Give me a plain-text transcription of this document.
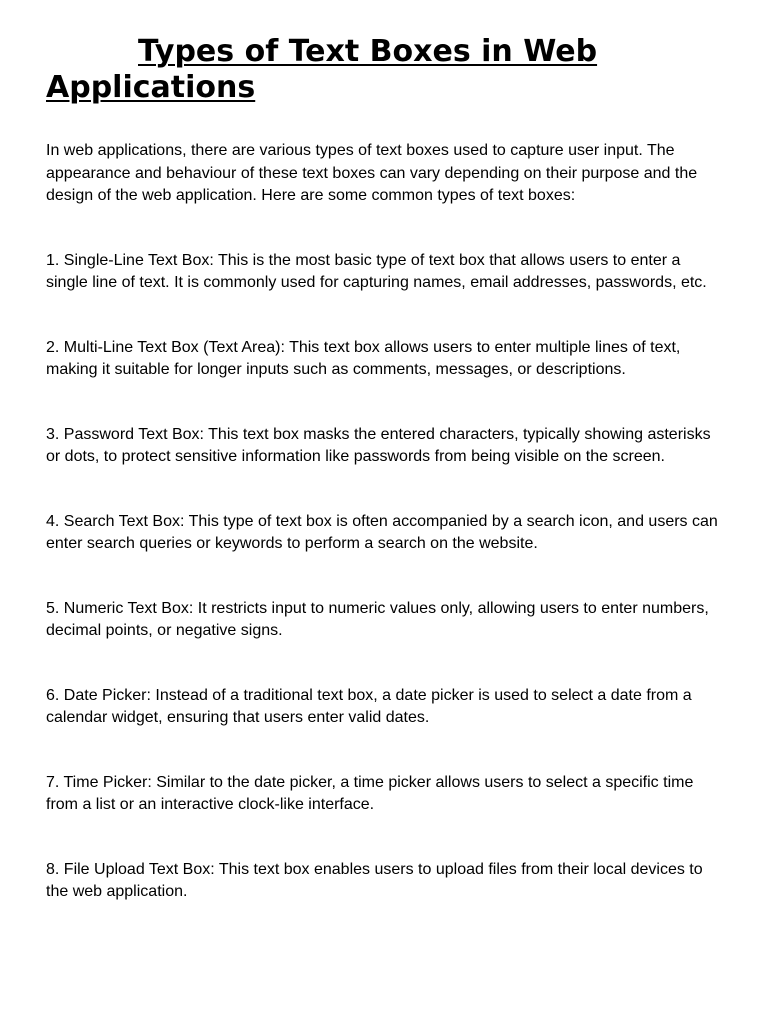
Types of Text Boxes in Web Applications

In web applications, there are various types of text boxes used to capture user input. The appearance and behaviour of these text boxes can vary depending on their purpose and the design of the web application. Here are some common types of text boxes:

1. Single-Line Text Box: This is the most basic type of text box that allows users to enter a single line of text. It is commonly used for capturing names, email addresses, passwords, etc.

2. Multi-Line Text Box (Text Area): This text box allows users to enter multiple lines of text, making it suitable for longer inputs such as comments, messages, or descriptions.

3. Password Text Box: This text box masks the entered characters, typically showing asterisks or dots, to protect sensitive information like passwords from being visible on the screen.

4. Search Text Box: This type of text box is often accompanied by a search icon, and users can enter search queries or keywords to perform a search on the website.

5. Numeric Text Box: It restricts input to numeric values only, allowing users to enter numbers, decimal points, or negative signs.

6. Date Picker: Instead of a traditional text box, a date picker is used to select a date from a calendar widget, ensuring that users enter valid dates.

7. Time Picker: Similar to the date picker, a time picker allows users to select a specific time from a list or an interactive clock-like interface.

8. File Upload Text Box: This text box enables users to upload files from their local devices to the web application.
